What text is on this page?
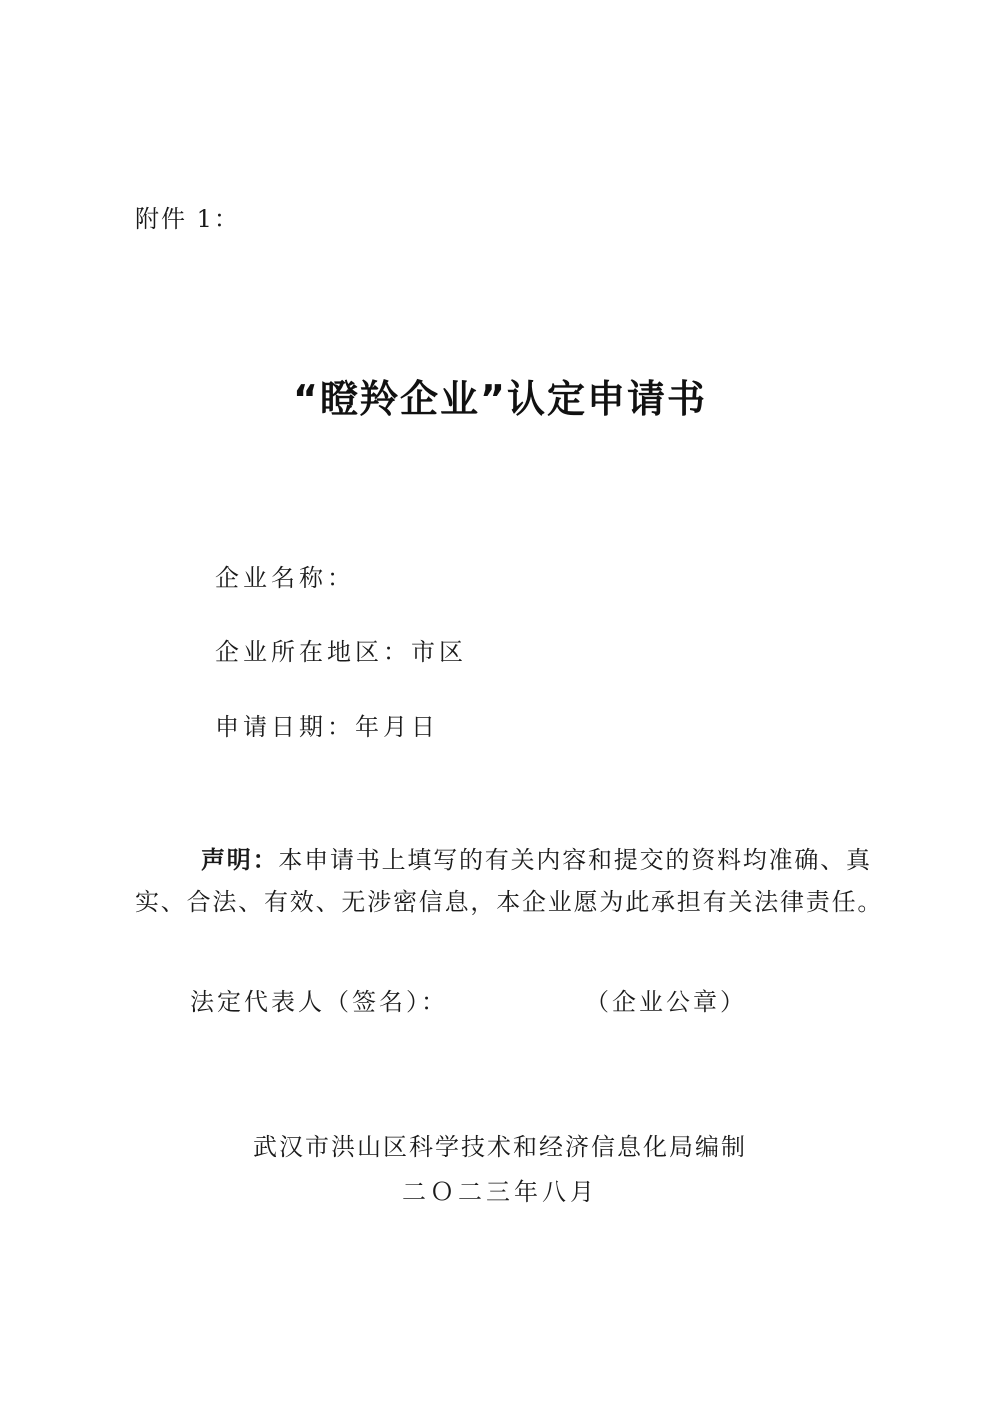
附件 1：
“瞪羚企业”认定申请书
企业名称：
企业所在地区：市区
申请日期：年月日
声明：本申请书上填写的有关内容和提交的资料均准确、真
实、合法、有效、无涉密信息，本企业愿为此承担有关法律责任。
法定代表人（签名）：	（企业公章）
武汉市洪山区科学技术和经济信息化局编制
二Ｏ二三年八月
